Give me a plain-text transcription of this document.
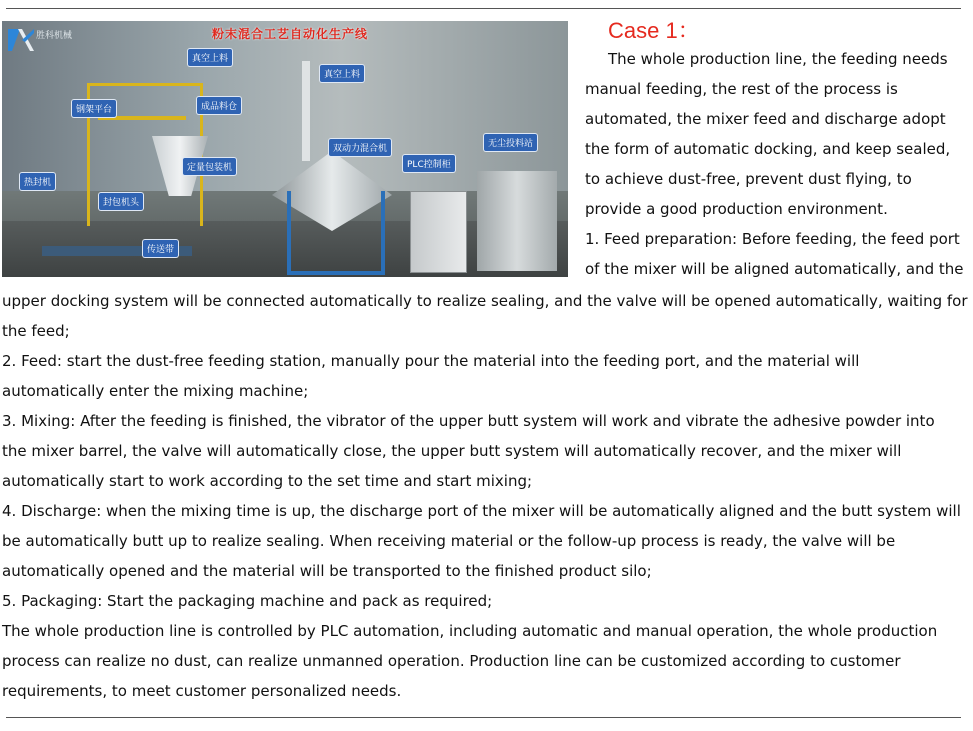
胜科机械	粉末混合工艺自动化生产线
真空上料
真空上料
钢架平台	成品料仓
双动力混合机	无尘投料站
定量包装机	PLC控制柜
热封机
封包机头
传送带
Case 1：
The whole production line, the feeding needs
manual feeding, the rest of the process is
automated, the mixer feed and discharge adopt
the form of automatic docking, and keep sealed,
to achieve dust-free, prevent dust flying, to
provide a good production environment.
1. Feed preparation: Before feeding, the feed port
of the mixer will be aligned automatically, and the
upper docking system will be connected automatically to realize sealing, and the valve will be opened automatically, waiting for
the feed;
2. Feed: start the dust-free feeding station, manually pour the material into the feeding port, and the material will
automatically enter the mixing machine;
3. Mixing: After the feeding is finished, the vibrator of the upper butt system will work and vibrate the adhesive powder into
the mixer barrel, the valve will automatically close, the upper butt system will automatically recover, and the mixer will
automatically start to work according to the set time and start mixing;
4. Discharge: when the mixing time is up, the discharge port of the mixer will be automatically aligned and the butt system will
be automatically butt up to realize sealing. When receiving material or the follow-up process is ready, the valve will be
automatically opened and the material will be transported to the finished product silo;
5. Packaging: Start the packaging machine and pack as required;
The whole production line is controlled by PLC automation, including automatic and manual operation, the whole production
process can realize no dust, can realize unmanned operation. Production line can be customized according to customer
requirements, to meet customer personalized needs.
